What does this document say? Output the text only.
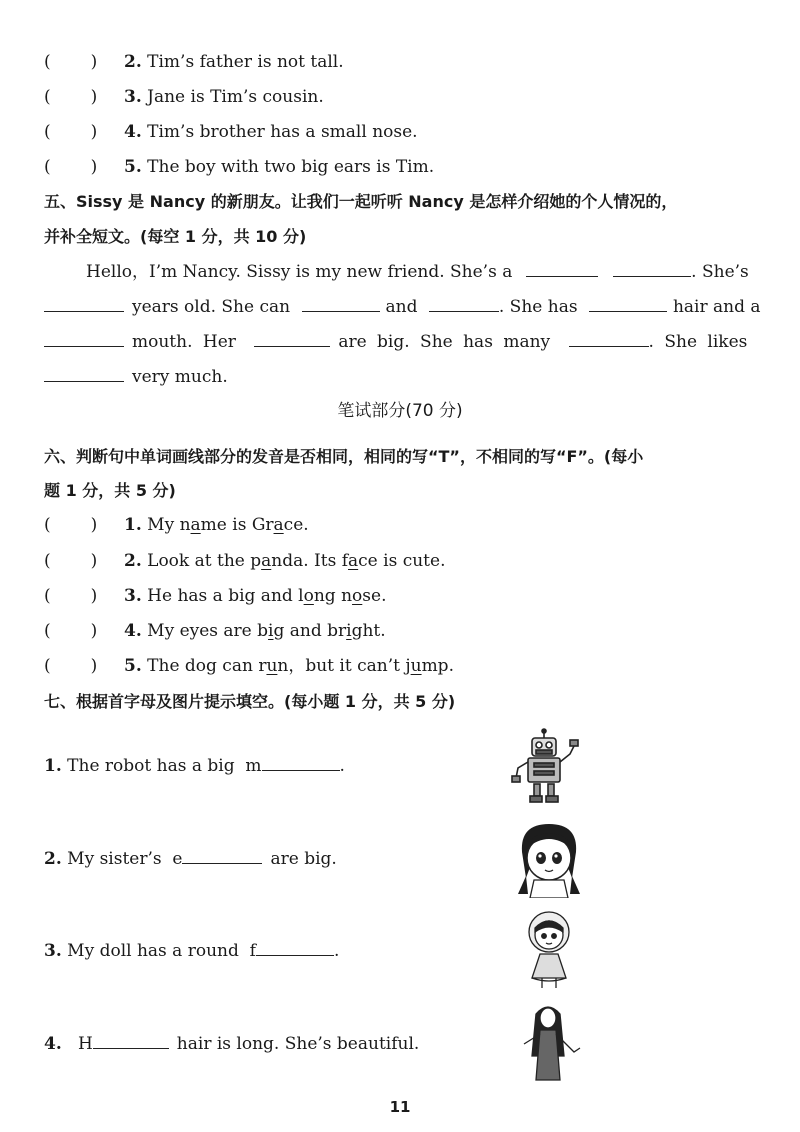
( ) 2. Tim’s father is not tall.
( ) 3. Jane is Tim’s cousin.
( ) 4. Tim’s brother has a small nose.
( ) 5. The boy with two big ears is Tim.
五、Sissy 是 Nancy 的新朋友。让我们一起听听 Nancy 是怎样介绍她的个人情况的，
并补全短文。(每空 1 分，共 10 分)
Hello，I’m Nancy. Sissy is my new friend. She’s a	. She’s
years old. She can	and	. She has	hair and a
mouth. Her	are big. She has many	. She likes
very much.
笔试部分(70 分)
六、判断句中单词画线部分的发音是否相同，相同的写“T”，不相同的写“F”。(每小
题 1 分，共 5 分)
( ) 1. My name is Grace.
( ) 2. Look at the panda. Its face is cute.
( ) 3. He has a big and long nose.
( ) 4. My eyes are big and bright.
( ) 5. The dog can run，but it can’t jump.
七、根据首字母及图片提示填空。(每小题 1 分，共 5 分)
1. The robot has a big m	.
2. My sister’s e	are big.
3. My doll has a round f	.
4. H	hair is long. She’s beautiful.
11
